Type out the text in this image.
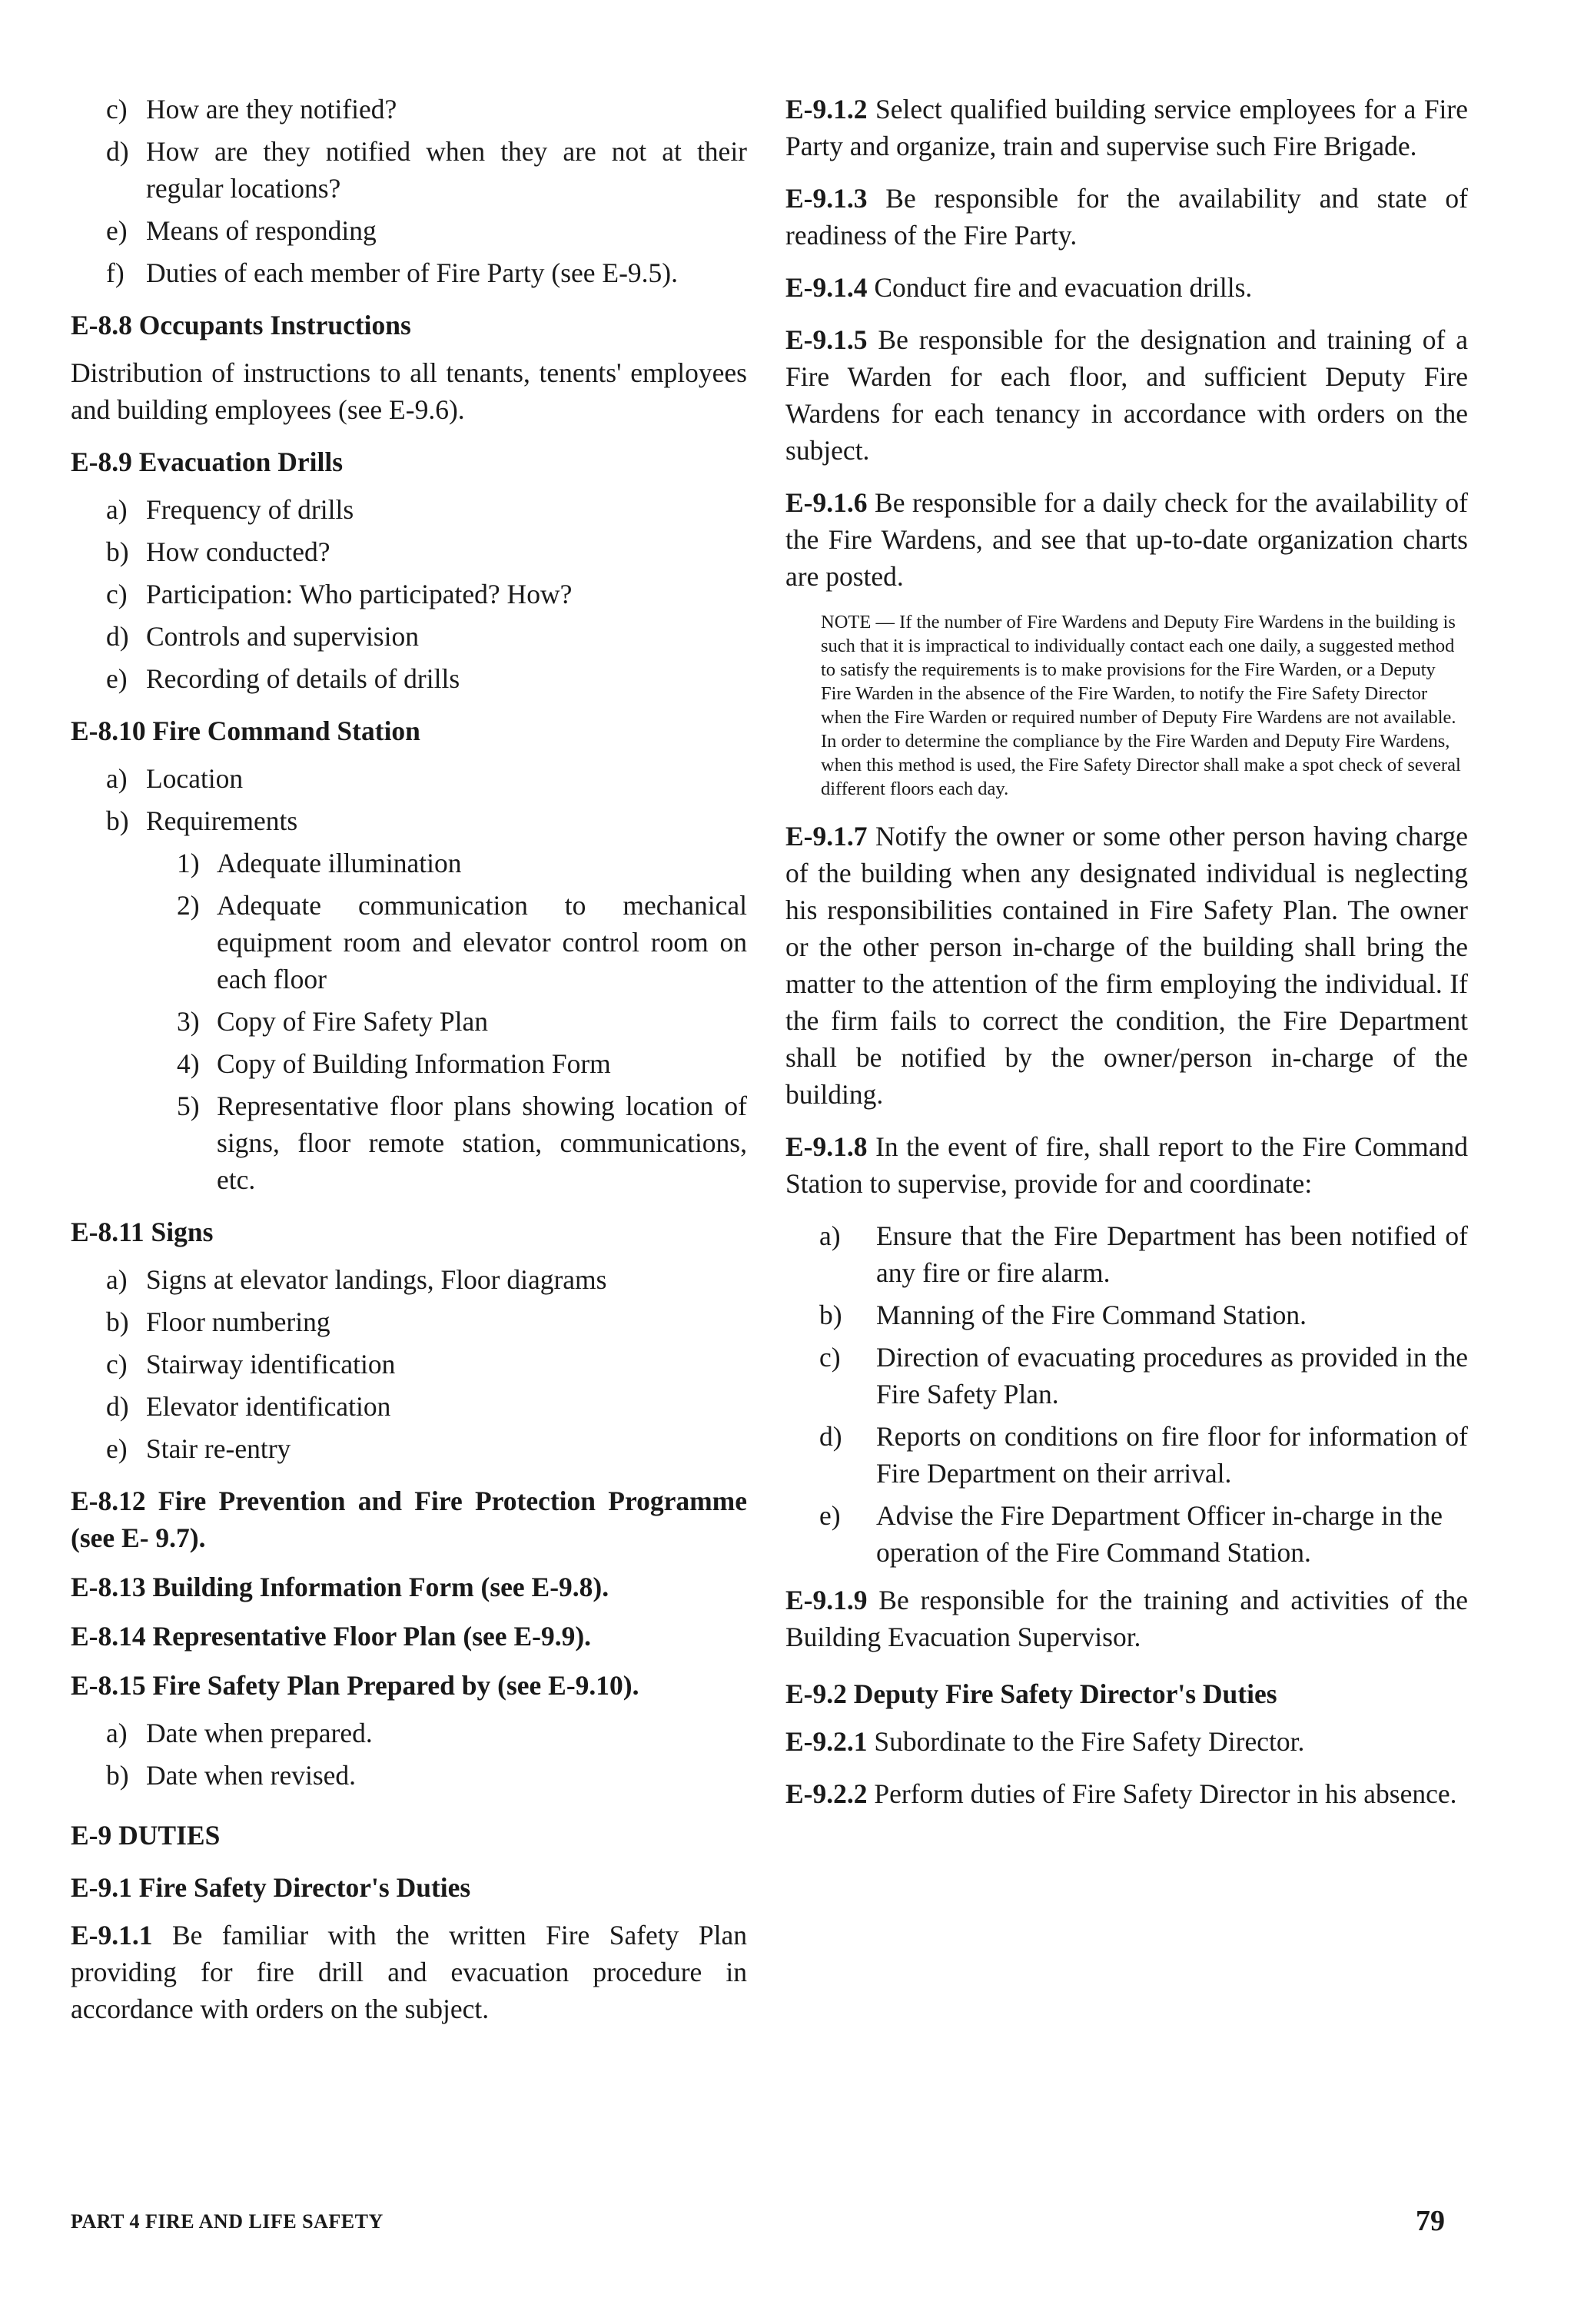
c) How are they notified?
d) How are they notified when they are not at their regular locations?
e) Means of responding
f) Duties of each member of Fire Party (see E-9.5).
E-8.8 Occupants Instructions
Distribution of instructions to all tenants, tenents' employees and building employees (see E-9.6).
E-8.9 Evacuation Drills
a) Frequency of drills
b) How conducted?
c) Participation: Who participated? How?
d) Controls and supervision
e) Recording of details of drills
E-8.10 Fire Command Station
a) Location
b) Requirements
1) Adequate illumination
2) Adequate communication to mechanical equipment room and elevator control room on each floor
3) Copy of Fire Safety Plan
4) Copy of Building Information Form
5) Representative floor plans showing location of signs, floor remote station, communications, etc.
E-8.11 Signs
a) Signs at elevator landings, Floor diagrams
b) Floor numbering
c) Stairway identification
d) Elevator identification
e) Stair re-entry
E-8.12 Fire Prevention and Fire Protection Programme (see E- 9.7).
E-8.13 Building Information Form (see E-9.8).
E-8.14 Representative Floor Plan (see E-9.9).
E-8.15 Fire Safety Plan Prepared by (see E-9.10).
a) Date when prepared.
b) Date when revised.
E-9 DUTIES
E-9.1 Fire Safety Director's Duties
E-9.1.1 Be familiar with the written Fire Safety Plan providing for fire drill and evacuation procedure in accordance with orders on the subject.
E-9.1.2 Select qualified building service employees for a Fire Party and organize, train and supervise such Fire Brigade.
E-9.1.3 Be responsible for the availability and state of readiness of the Fire Party.
E-9.1.4 Conduct fire and evacuation drills.
E-9.1.5 Be responsible for the designation and training of a Fire Warden for each floor, and sufficient Deputy Fire Wardens for each tenancy in accordance with orders on the subject.
E-9.1.6 Be responsible for a daily check for the availability of the Fire Wardens, and see that up-to-date organization charts are posted.
NOTE — If the number of Fire Wardens and Deputy Fire Wardens in the building is such that it is impractical to individually contact each one daily, a suggested method to satisfy the requirements is to make provisions for the Fire Warden, or a Deputy Fire Warden in the absence of the Fire Warden, to notify the Fire Safety Director when the Fire Warden or required number of Deputy Fire Wardens are not available. In order to determine the compliance by the Fire Warden and Deputy Fire Wardens, when this method is used, the Fire Safety Director shall make a spot check of several different floors each day.
E-9.1.7 Notify the owner or some other person having charge of the building when any designated individual is neglecting his responsibilities contained in Fire Safety Plan. The owner or the other person in-charge of the building shall bring the matter to the attention of the firm employing the individual. If the firm fails to correct the condition, the Fire Department shall be notified by the owner/person in-charge of the building.
E-9.1.8 In the event of fire, shall report to the Fire Command Station to supervise, provide for and coordinate:
a)	Ensure that the Fire Department has been notified of any fire or fire alarm.
b)	Manning of the Fire Command Station.
c)	Direction of evacuating procedures as provided in the Fire Safety Plan.
d)	Reports on conditions on fire floor for information of Fire Department on their arrival.
e)	Advise the Fire Department Officer in-charge in the operation of the Fire Command Station.
E-9.1.9 Be responsible for the training and activities of the Building Evacuation Supervisor.
E-9.2 Deputy Fire Safety Director's Duties
E-9.2.1 Subordinate to the Fire Safety Director.
E-9.2.2 Perform duties of Fire Safety Director in his absence.
PART 4 FIRE AND LIFE SAFETY	79
